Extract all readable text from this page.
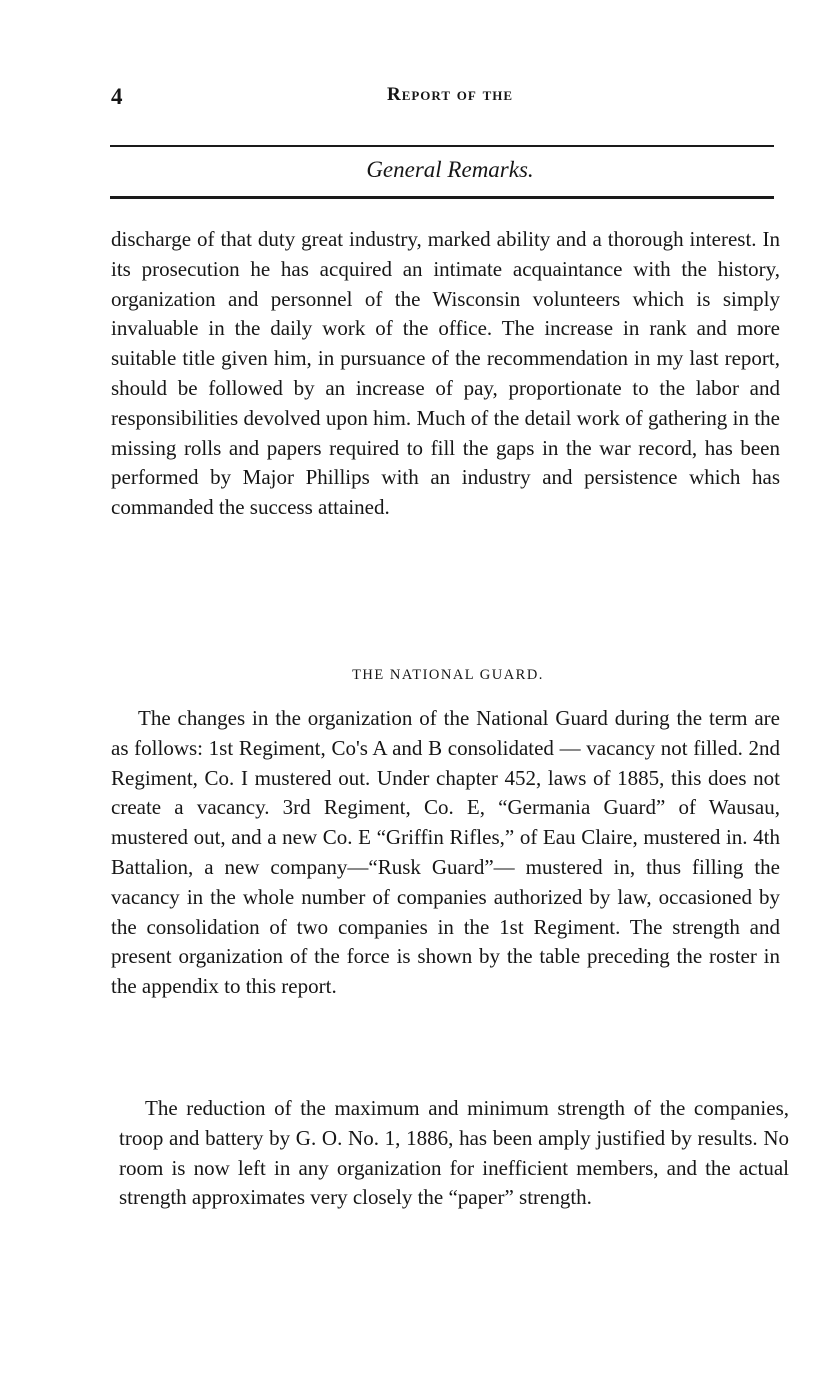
4	Report of the
General Remarks.

discharge of that duty great industry, marked ability and a thorough interest. In its prosecution he has acquired an intimate acquaintance with the history, organization and personnel of the Wisconsin volunteers which is simply invaluable in the daily work of the office. The increase in rank and more suitable title given him, in pursuance of the recommendation in my last report, should be followed by an increase of pay, proportionate to the labor and responsibilities devolved upon him. Much of the detail work of gathering in the missing rolls and papers required to fill the gaps in the war record, has been performed by Major Phillips with an industry and persistence which has commanded the success attained.

THE NATIONAL GUARD.

The changes in the organization of the National Guard during the term are as follows: 1st Regiment, Co's A and B consolidated — vacancy not filled. 2nd Regiment, Co. I mustered out. Under chapter 452, laws of 1885, this does not create a vacancy. 3rd Regiment, Co. E, “Germania Guard” of Wausau, mustered out, and a new Co. E “Griffin Rifles,” of Eau Claire, mustered in. 4th Battalion, a new company—“Rusk Guard”— mustered in, thus filling the vacancy in the whole number of companies authorized by law, occasioned by the consolidation of two companies in the 1st Regiment. The strength and present organization of the force is shown by the table preceding the roster in the appendix to this report.

The reduction of the maximum and minimum strength of the companies, troop and battery by G. O. No. 1, 1886, has been amply justified by results. No room is now left in any organization for inefficient members, and the actual strength approximates very closely the “paper” strength.
